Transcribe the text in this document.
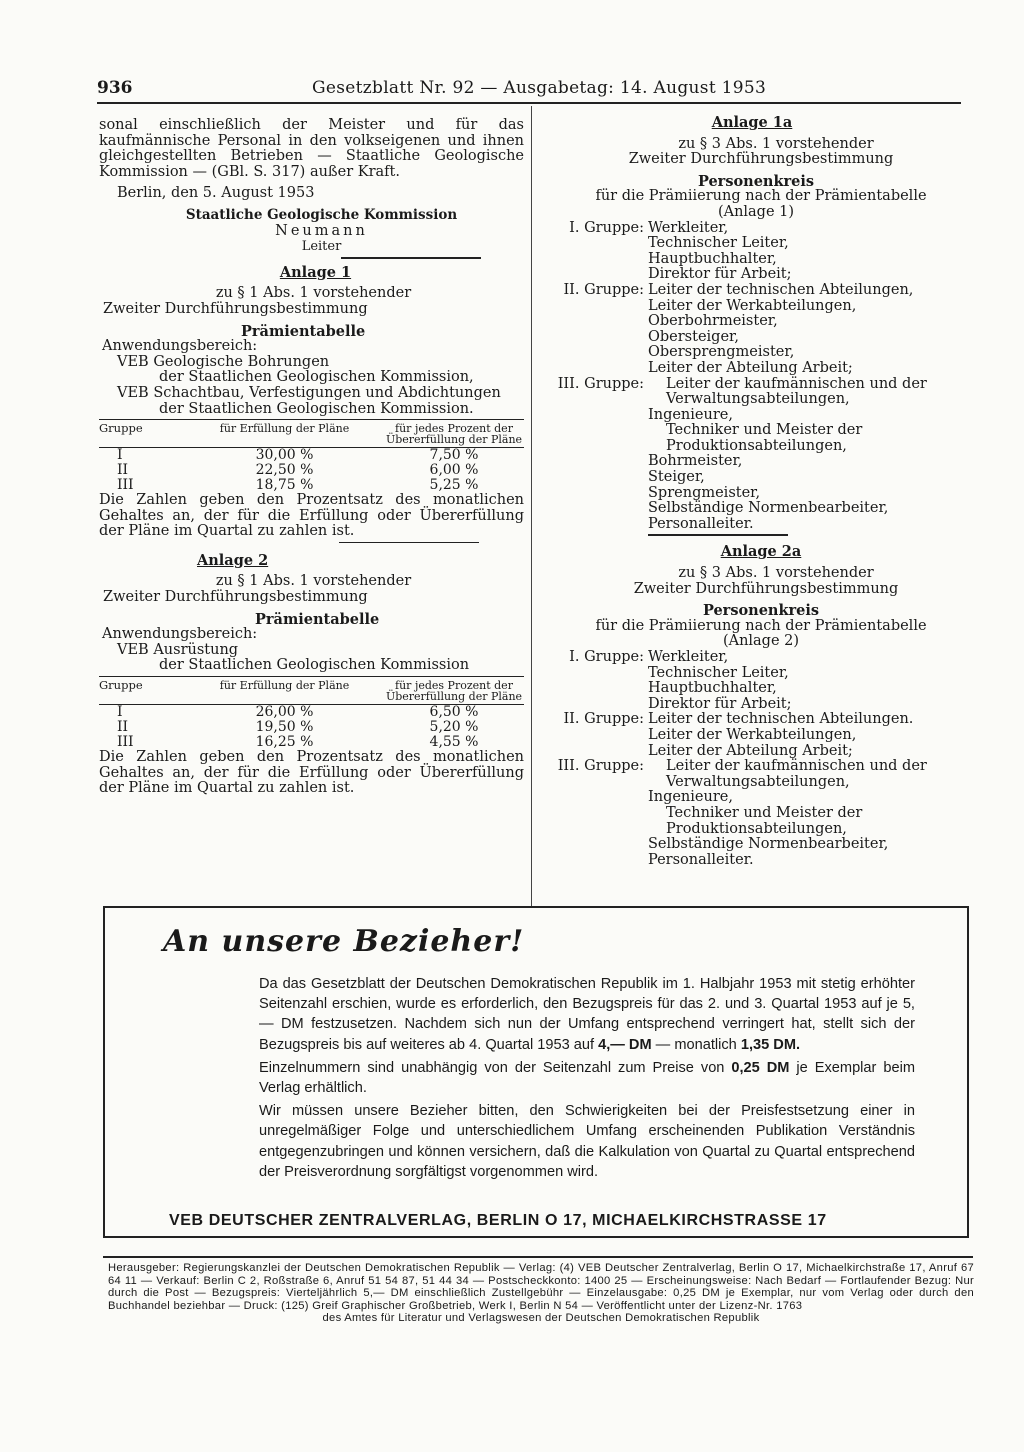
936	Gesetzblatt Nr. 92 — Ausgabetag: 14. August 1953

sonal einschließlich der Meister und für das kaufmännische Personal in den volkseigenen und ihnen gleichgestellten Betrieben — Staatliche Geologische Kommission — (GBl. S. 317) außer Kraft.

Berlin, den 5. August 1953

Staatliche Geologische Kommission

Neumann

Leiter

Anlage 1

zu § 1 Abs. 1 vorstehender

Zweiter Durchführungsbestimmung

Prämientabelle

Anwendungsbereich:

VEB Geologische Bohrungen

der Staatlichen Geologischen Kommission,

VEB Schachtbau, Verfestigungen und Abdichtungen

der Staatlichen Geologischen Kommission.

Gruppe	für Erfüllung der Pläne	für jedes Prozent der Übererfüllung der Pläne
I	30,00 %	7,50 %
II	22,50 %	6,00 %
III	18,75 %	5,25 %

Die Zahlen geben den Prozentsatz des monatlichen Gehaltes an, der für die Erfüllung oder Übererfüllung der Pläne im Quartal zu zahlen ist.

Anlage 2

zu § 1 Abs. 1 vorstehender

Zweiter Durchführungsbestimmung

Prämientabelle

Anwendungsbereich:

VEB Ausrüstung

der Staatlichen Geologischen Kommission

Gruppe	für Erfüllung der Pläne	für jedes Prozent der Übererfüllung der Pläne
I	26,00 %	6,50 %
II	19,50 %	5,20 %
III	16,25 %	4,55 %

Die Zahlen geben den Prozentsatz des monatlichen Gehaltes an, der für die Erfüllung oder Übererfüllung der Pläne im Quartal zu zahlen ist.

Anlage 1a

zu § 3 Abs. 1 vorstehender

Zweiter Durchführungsbestimmung

Personenkreis

für die Prämiierung nach der Prämientabelle

(Anlage 1)

I. Gruppe: Werkleiter,

Technischer Leiter,

Hauptbuchhalter,

Direktor für Arbeit;

II. Gruppe: Leiter der technischen Abteilungen,

Leiter der Werkabteilungen,

Oberbohrmeister,

Obersteiger,

Obersprengmeister,

Leiter der Abteilung Arbeit;

III. Gruppe:	Leiter der kaufmännischen und der Verwaltungsabteilungen,

Ingenieure,

Techniker und Meister der Produktionsabteilungen,

Bohrmeister,

Steiger,

Sprengmeister,

Selbständige Normenbearbeiter,

Personalleiter.

Anlage 2a

zu § 3 Abs. 1 vorstehender

Zweiter Durchführungsbestimmung

Personenkreis

für die Prämiierung nach der Prämientabelle

(Anlage 2)

I. Gruppe: Werkleiter,

Technischer Leiter,

Hauptbuchhalter,

Direktor für Arbeit;

II. Gruppe: Leiter der technischen Abteilungen.

Leiter der Werkabteilungen,

Leiter der Abteilung Arbeit;

III. Gruppe:	Leiter der kaufmännischen und der Verwaltungsabteilungen,

Ingenieure,

Techniker und Meister der Produktionsabteilungen,

Selbständige Normenbearbeiter,

Personalleiter.

An unsere Bezieher!

Da das Gesetzblatt der Deutschen Demokratischen Republik im 1. Halbjahr 1953 mit stetig erhöhter Seitenzahl erschien, wurde es erforderlich, den Bezugspreis für das 2. und 3. Quartal 1953 auf je 5,— DM festzusetzen. Nachdem sich nun der Umfang entsprechend verringert hat, stellt sich der Bezugspreis bis auf weiteres ab 4. Quartal 1953 auf 4,— DM — monatlich 1,35 DM.

Einzelnummern sind unabhängig von der Seitenzahl zum Preise von 0,25 DM je Exemplar beim Verlag erhältlich.

Wir müssen unsere Bezieher bitten, den Schwierigkeiten bei der Preisfestsetzung einer in unregelmäßiger Folge und unterschiedlichem Umfang erscheinenden Publikation Verständnis entgegenzubringen und können versichern, daß die Kalkulation von Quartal zu Quartal entsprechend der Preisverordnung sorgfältigst vorgenommen wird.

VEB DEUTSCHER ZENTRALVERLAG, BERLIN O 17, MICHAELKIRCHSTRASSE 17

Herausgeber: Regierungskanzlei der Deutschen Demokratischen Republik — Verlag: (4) VEB Deutscher Zentralverlag, Berlin O 17, Michaelkirchstraße 17, Anruf 67 64 11 — Verkauf: Berlin C 2, Roßstraße 6, Anruf 51 54 87, 51 44 34 — Postscheckkonto: 1400 25 — Erscheinungsweise: Nach Bedarf — Fortlaufender Bezug: Nur durch die Post — Bezugspreis: Vierteljährlich 5,— DM einschließlich Zustellgebühr — Einzelausgabe: 0,25 DM je Exemplar, nur vom Verlag oder durch den Buchhandel beziehbar — Druck: (125) Greif Graphischer Großbetrieb, Werk I, Berlin N 54 — Veröffentlicht unter der Lizenz-Nr. 1763

des Amtes für Literatur und Verlagswesen der Deutschen Demokratischen Republik
